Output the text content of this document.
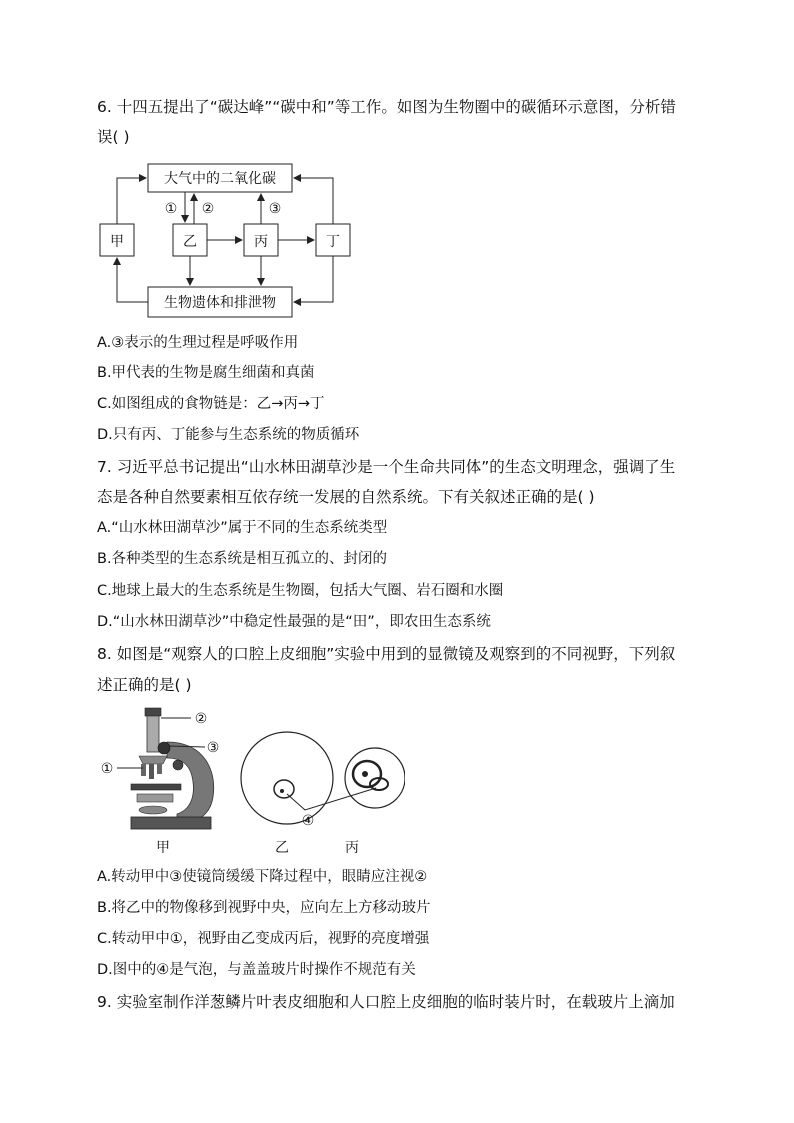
6. 十四五提出了“碳达峰”“碳中和”等工作。如图为生物圈中的碳循环示意图，分析错
误( )
大气中的二氧化碳
生物遗体和排泄物
甲	乙	丙	丁
① ②	③
A.③表示的生理过程是呼吸作用
B.甲代表的生物是腐生细菌和真菌
C.如图组成的食物链是：乙→丙→丁
D.只有丙、丁能参与生态系统的物质循环
7. 习近平总书记提出“山水林田湖草沙是一个生命共同体”的生态文明理念，强调了生
态是各种自然要素相互依存统一发展的自然系统。下有关叙述正确的是( )
A.“山水林田湖草沙”属于不同的生态系统类型
B.各种类型的生态系统是相互孤立的、封闭的
C.地球上最大的生态系统是生物圈，包括大气圈、岩石圈和水圈
D.“山水林田湖草沙”中稳定性最强的是“田”，即农田生态系统
8. 如图是“观察人的口腔上皮细胞”实验中用到的显微镜及观察到的不同视野，下列叙
述正确的是( )
②
③
①
④
甲	乙	丙
A.转动甲中③使镜筒缓缓下降过程中，眼睛应注视②
B.将乙中的物像移到视野中央，应向左上方移动玻片
C.转动甲中①，视野由乙变成丙后，视野的亮度增强
D.图中的④是气泡，与盖盖玻片时操作不规范有关
9. 实验室制作洋葱鳞片叶表皮细胞和人口腔上皮细胞的临时装片时，在载玻片上滴加
